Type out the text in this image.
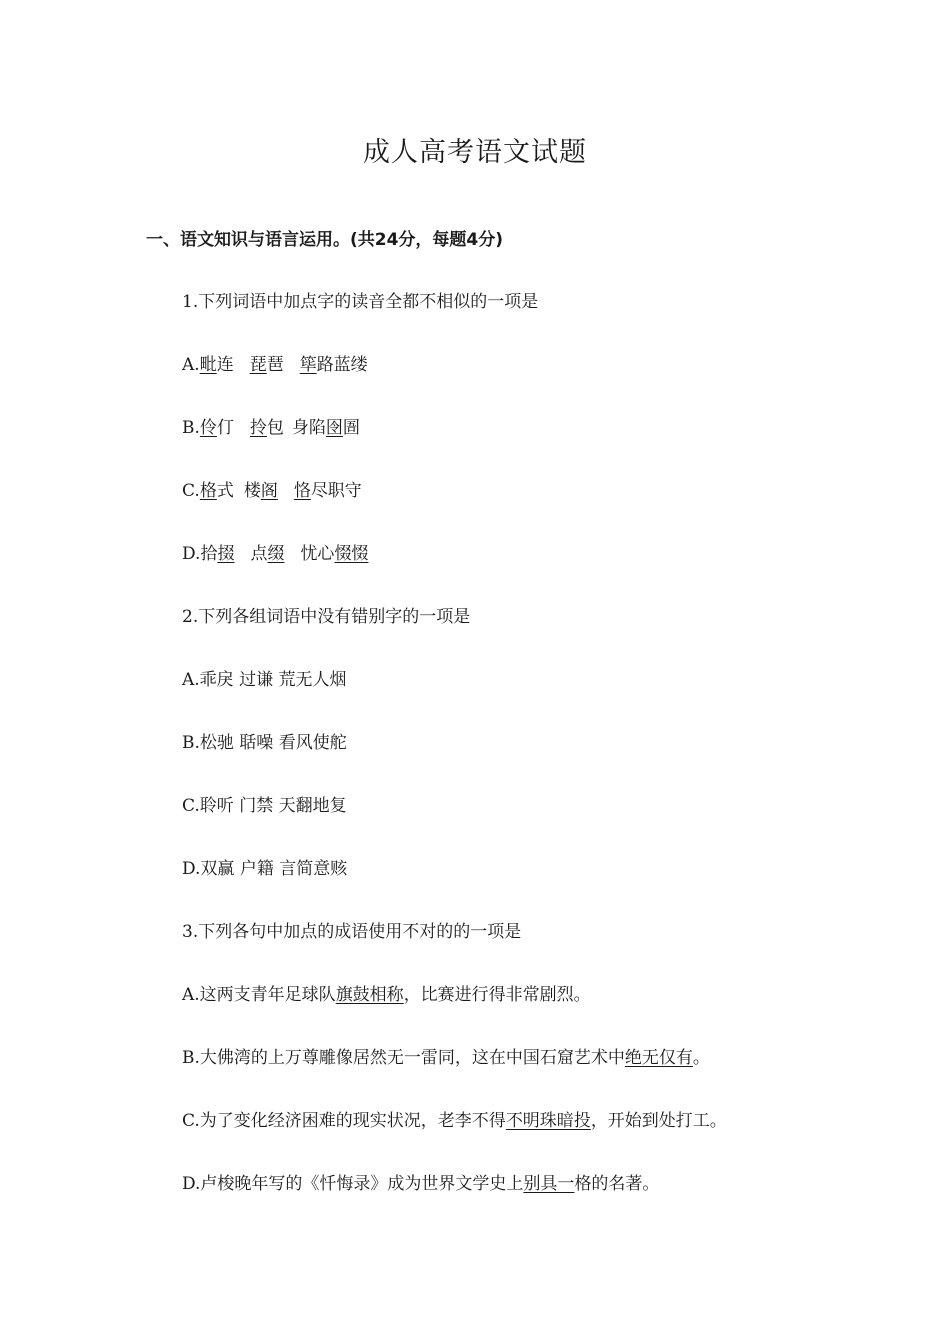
成人高考语文试题
一、语文知识与语言运用。(共24分，每题4分)
1.下列词语中加点字的读音全都不相似的一项是
A.毗连 琵琶 筚路蓝缕
B.伶仃 拎包 身陷囹圄
C.格式 楼阁 恪尽职守
D.拾掇 点缀 忧心惙惙
2.下列各组词语中没有错别字的一项是
A.乖戾 过谦 荒无人烟
B.松驰 聒噪 看风使舵
C.聆听 门禁 天翻地复
D.双赢 户籍 言简意赅
3.下列各句中加点的成语使用不对的的一项是
A.这两支青年足球队旗鼓相称，比赛进行得非常剧烈。
B.大佛湾的上万尊雕像居然无一雷同，这在中国石窟艺术中绝无仅有。
C.为了变化经济困难的现实状况，老李不得不明珠暗投，开始到处打工。
D.卢梭晚年写的《忏悔录》成为世界文学史上别具一格的名著。
